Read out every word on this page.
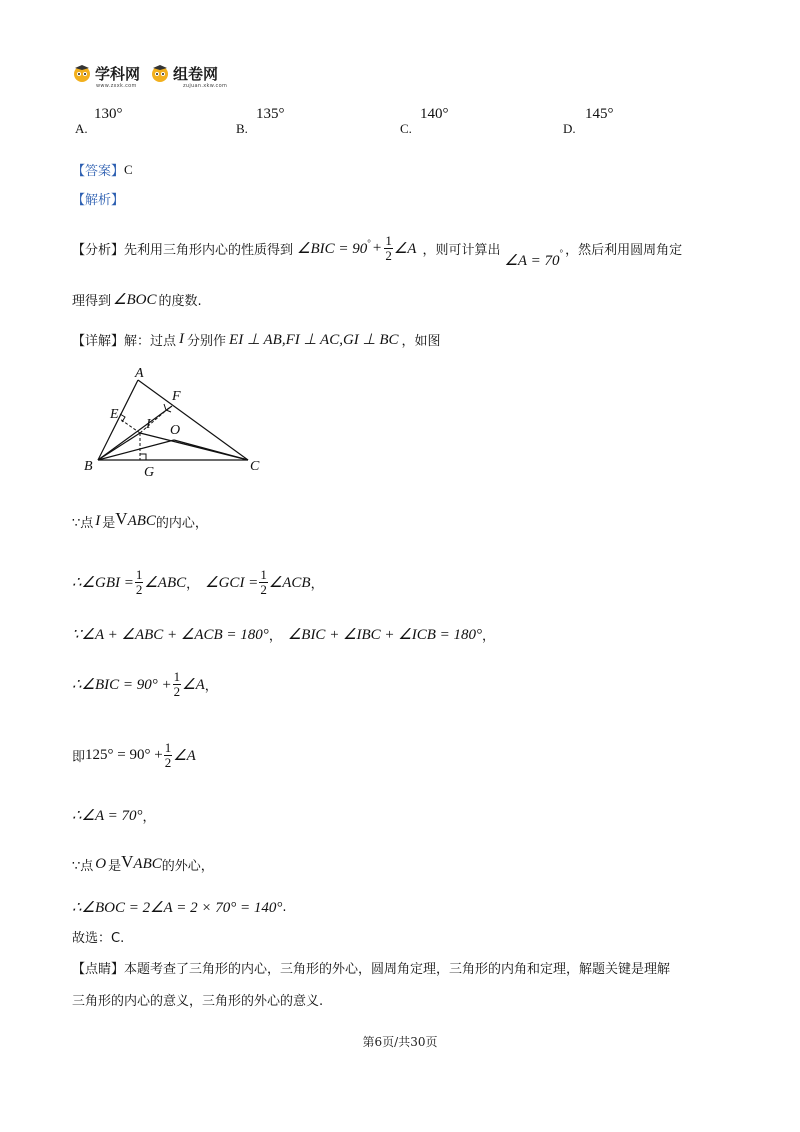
学科网 组卷网
www.zxxk.com	zujuan.xkw.com
A.
130°
B.
135°
C.
140°
D.
145°
【答案】 C
【解析】
【分析】 先利用三角形内心的性质得到 ∠BIC = $90^\circ + \frac{1}{2}$ ∠A ，则可计算出
∠A = 70
° ，然后利用圆周角定
理得到 ∠BOC 的度数.
【详解】 解：过点 I 分别作 EI ⊥ AB,FI ⊥ AC,GI ⊥ BC ，如图
A
B	C
E
F
G
I O
∵点 I 是 V ABC 的内心，
∴∠GBI = $\frac{1}{2}$ ∠ABC ， ∠GCI = $\frac{1}{2}$ ∠ACB ，
∵∠A + ∠ABC + ∠ACB = 180° ， ∠BIC + ∠IBC + ∠ICB = 180° ，
∴∠BIC = $90^\circ + \frac{1}{2}$ ∠A ，
即 $125^\circ = 90^\circ + \frac{1}{2}$ ∠A
∴∠A = 70° ，
∵点 O 是 V ABC 的外心，
∴∠BOC = 2∠A = 2 × 70° = 140° .
故选：C.
【点睛】 本题考查了三角形的内心，三角形的外心，圆周角定理，三角形的内角和定理，解题关键是理解
三角形的内心的意义，三角形的外心的意义.
第6页/共30页
